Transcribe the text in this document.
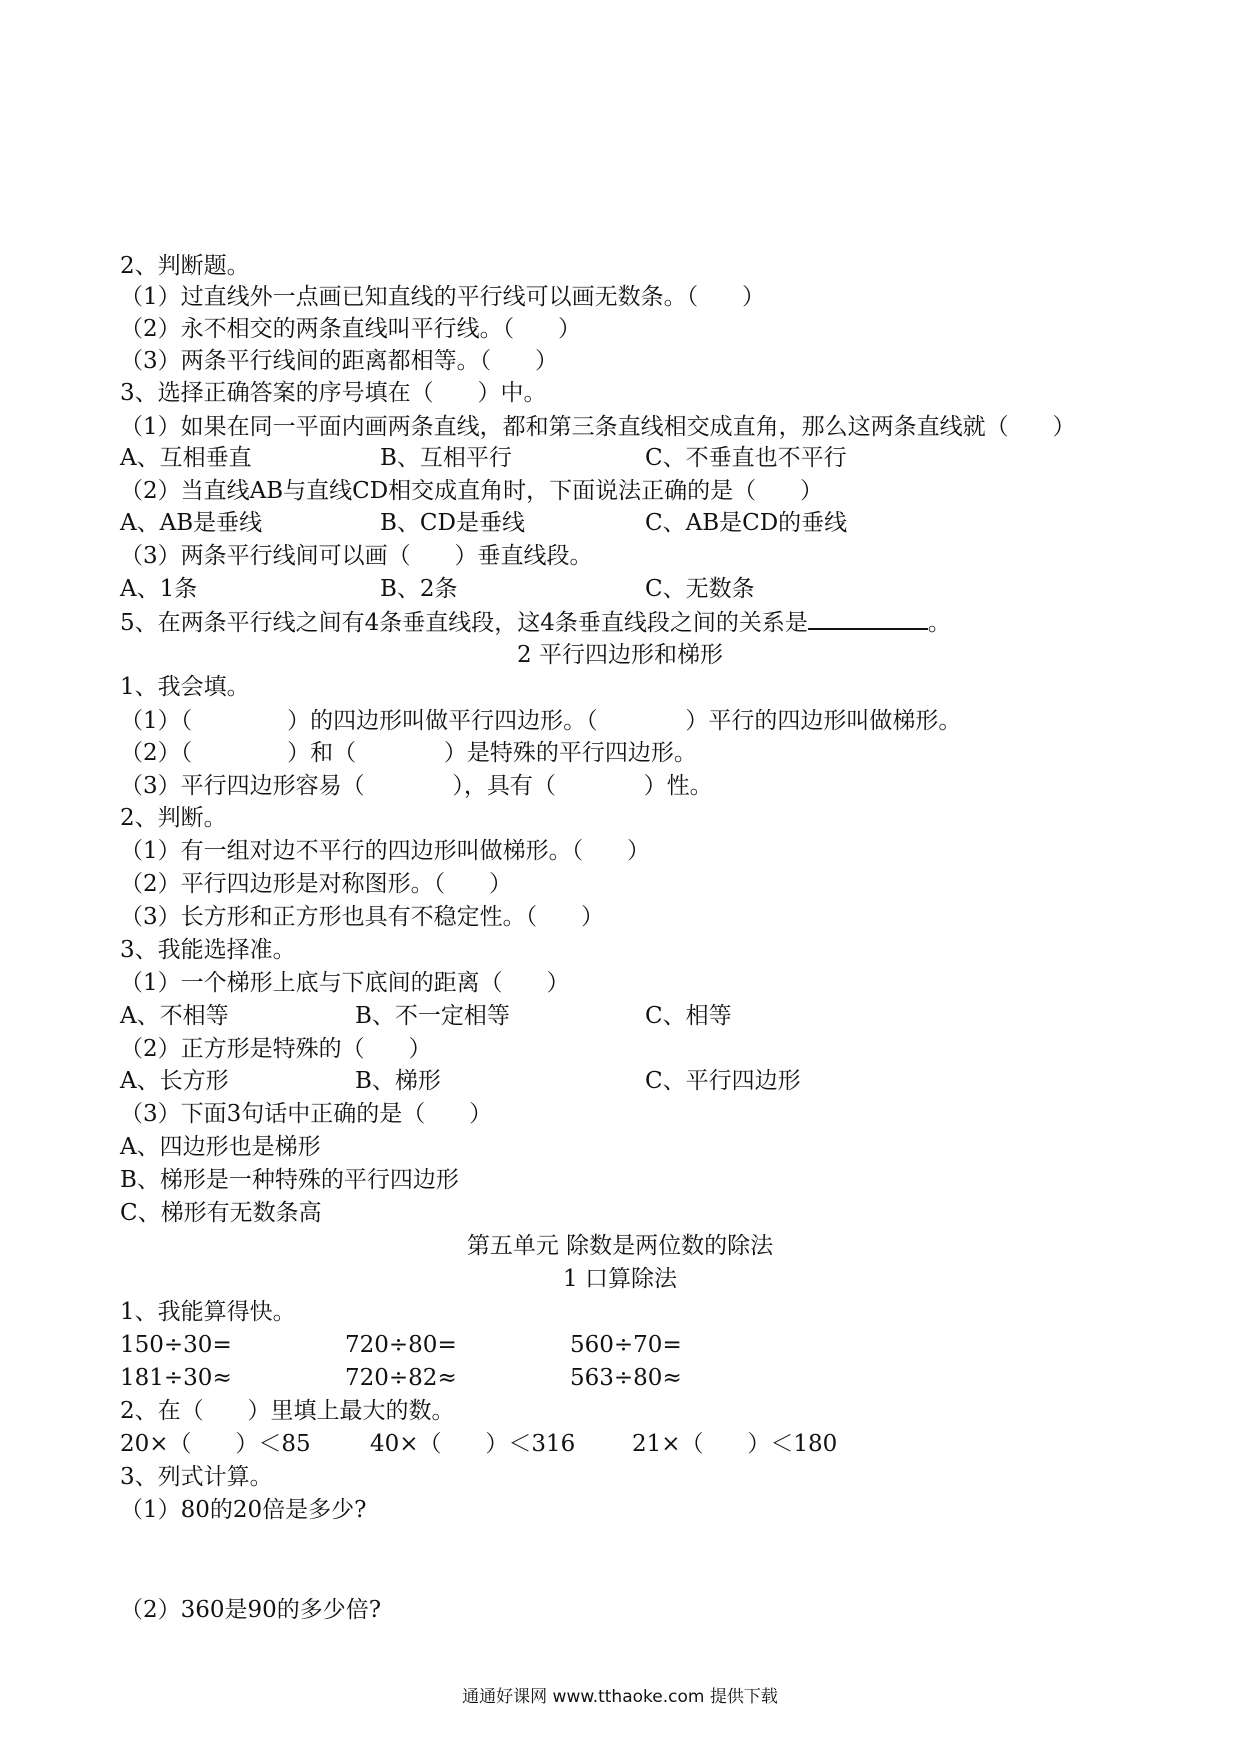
2、判断题。
（1）过直线外一点画已知直线的平行线可以画无数条。（      ）
（2）永不相交的两条直线叫平行线。（      ）
（3）两条平行线间的距离都相等。（      ）
3、选择正确答案的序号填在（      ）中。
（1）如果在同一平面内画两条直线，都和第三条直线相交成直角，那么这两条直线就（      ）
A、互相垂直	B、互相平行	C、不垂直也不平行
（2）当直线AB与直线CD相交成直角时，下面说法正确的是（      ）
A、AB是垂线	B、CD是垂线	C、AB是CD的垂线
（3）两条平行线间可以画（      ）垂直线段。
A、1条	B、2条	C、无数条
5、在两条平行线之间有4条垂直线段，这4条垂直线段之间的关系是	。
2 平行四边形和梯形
1、我会填。
（1）（             ）的四边形叫做平行四边形。（            ）平行的四边形叫做梯形。
（2）（             ）和（            ）是特殊的平行四边形。
（3）平行四边形容易（            ），具有（            ）性。
2、判断。
（1）有一组对边不平行的四边形叫做梯形。（      ）
（2）平行四边形是对称图形。（      ）
（3）长方形和正方形也具有不稳定性。（      ）
3、我能选择准。
（1）一个梯形上底与下底间的距离（      ）
A、不相等	B、不一定相等	C、相等
（2）正方形是特殊的（      ）
A、长方形	B、梯形	C、平行四边形
（3）下面3句话中正确的是（      ）
A、四边形也是梯形
B、梯形是一种特殊的平行四边形
C、梯形有无数条高
第五单元 除数是两位数的除法
1 口算除法
1、我能算得快。
150÷30=	720÷80=	560÷70=
181÷30≈	720÷82≈	563÷80≈
2、在（      ）里填上最大的数。
20×（      ）＜85	40×（      ）＜316 21×（      ）＜180
3、列式计算。
（1）80的20倍是多少?
（2）360是90的多少倍?
通通好课网 www.tthaoke.com 提供下载
